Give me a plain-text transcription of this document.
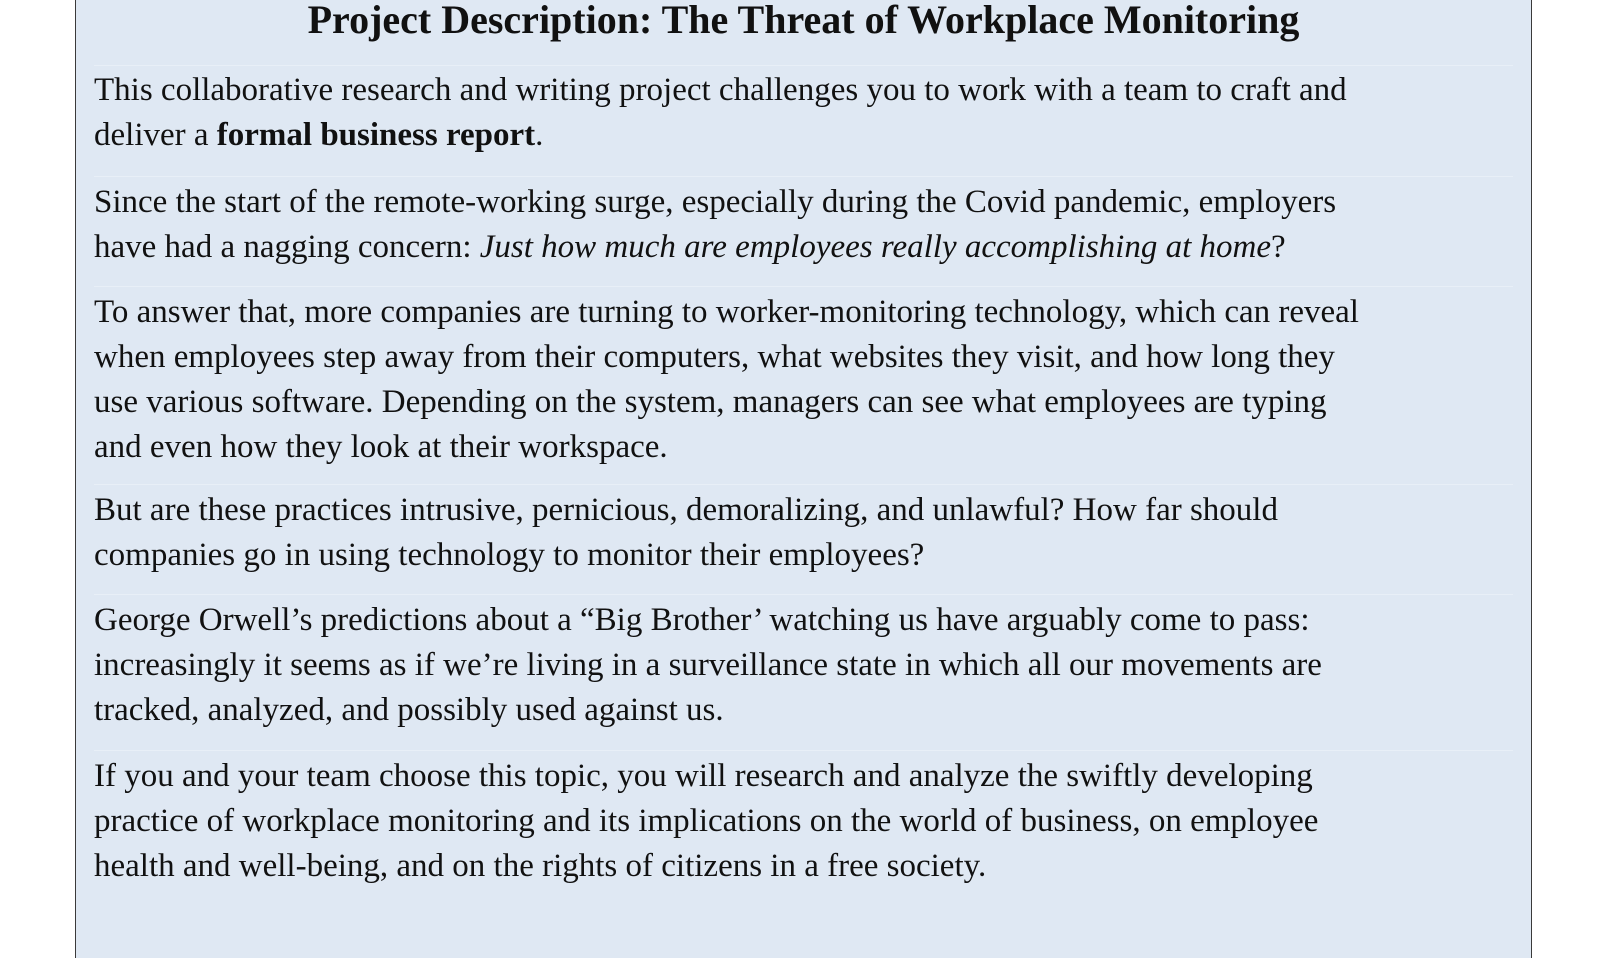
Project Description: The Threat of Workplace Monitoring
This collaborative research and writing project challenges you to work with a team to craft and
deliver a formal business report.
Since the start of the remote-working surge, especially during the Covid pandemic, employers
have had a nagging concern: Just how much are employees really accomplishing at home?
To answer that, more companies are turning to worker-monitoring technology, which can reveal
when employees step away from their computers, what websites they visit, and how long they
use various software. Depending on the system, managers can see what employees are typing
and even how they look at their workspace.
But are these practices intrusive, pernicious, demoralizing, and unlawful? How far should
companies go in using technology to monitor their employees?
George Orwell’s predictions about a “Big Brother’ watching us have arguably come to pass:
increasingly it seems as if we’re living in a surveillance state in which all our movements are
tracked, analyzed, and possibly used against us.
If you and your team choose this topic, you will research and analyze the swiftly developing
practice of workplace monitoring and its implications on the world of business, on employee
health and well-being, and on the rights of citizens in a free society.
